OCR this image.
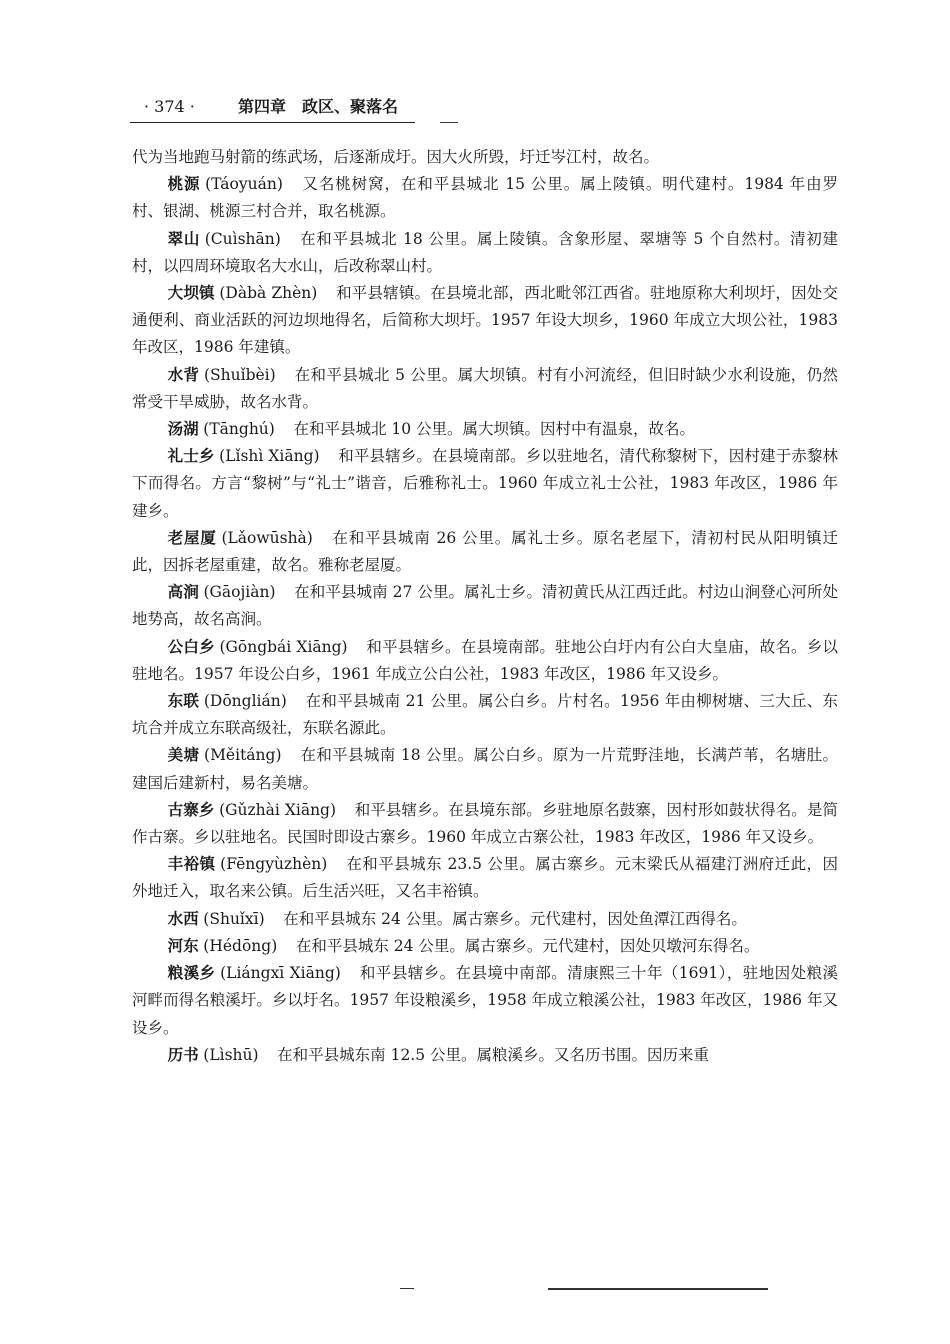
· 374 ·	第四章　政区、聚落名

代为当地跑马射箭的练武场，后逐渐成圩。因大火所毁，圩迁岑江村，故名。

桃源 (Táoyuán) 又名桃树窝，在和平县城北 15 公里。属上陵镇。明代建村。1984 年由罗村、银湖、桃源三村合并，取名桃源。

翠山 (Cuìshān) 在和平县城北 18 公里。属上陵镇。含象形屋、翠塘等 5 个自然村。清初建村，以四周环境取名大水山，后改称翠山村。

大坝镇 (Dàbà Zhèn) 和平县辖镇。在县境北部，西北毗邻江西省。驻地原称大利坝圩，因处交通便利、商业活跃的河边坝地得名，后简称大坝圩。1957 年设大坝乡，1960 年成立大坝公社，1983 年改区，1986 年建镇。

水背 (Shuǐbèi) 在和平县城北 5 公里。属大坝镇。村有小河流经，但旧时缺少水利设施，仍然常受干旱威胁，故名水背。

汤湖 (Tānghú) 在和平县城北 10 公里。属大坝镇。因村中有温泉，故名。

礼士乡 (Lǐshì Xiāng) 和平县辖乡。在县境南部。乡以驻地名，清代称黎树下，因村建于赤黎林下而得名。方言“黎树”与“礼士”谐音，后雅称礼士。1960 年成立礼士公社，1983 年改区，1986 年建乡。

老屋厦 (Lǎowūshà) 在和平县城南 26 公里。属礼士乡。原名老屋下，清初村民从阳明镇迁此，因拆老屋重建，故名。雅称老屋厦。

高涧 (Gāojiàn) 在和平县城南 27 公里。属礼士乡。清初黄氏从江西迁此。村边山涧登心河所处地势高，故名高涧。

公白乡 (Gōngbái Xiāng) 和平县辖乡。在县境南部。驻地公白圩内有公白大皇庙，故名。乡以驻地名。1957 年设公白乡，1961 年成立公白公社，1983 年改区，1986 年又设乡。

东联 (Dōnglián) 在和平县城南 21 公里。属公白乡。片村名。1956 年由柳树塘、三大丘、东坑合并成立东联高级社，东联名源此。

美塘 (Měitáng) 在和平县城南 18 公里。属公白乡。原为一片荒野洼地，长满芦苇，名塘肚。建国后建新村，易名美塘。

古寨乡 (Gǔzhài Xiāng) 和平县辖乡。在县境东部。乡驻地原名鼓寨，因村形如鼓状得名。是简作古寨。乡以驻地名。民国时即设古寨乡。1960 年成立古寨公社，1983 年改区，1986 年又设乡。

丰裕镇 (Fēngyùzhèn) 在和平县城东 23.5 公里。属古寨乡。元末梁氏从福建汀洲府迁此，因外地迁入，取名来公镇。后生活兴旺，又名丰裕镇。

水西 (Shuǐxī) 在和平县城东 24 公里。属古寨乡。元代建村，因处鱼潭江西得名。

河东 (Hédōng) 在和平县城东 24 公里。属古寨乡。元代建村，因处贝墩河东得名。

粮溪乡 (Liángxī Xiāng) 和平县辖乡。在县境中南部。清康熙三十年（1691），驻地因处粮溪河畔而得名粮溪圩。乡以圩名。1957 年设粮溪乡，1958 年成立粮溪公社，1983 年改区，1986 年又设乡。

历书 (Lìshū) 在和平县城东南 12.5 公里。属粮溪乡。又名历书围。因历来重
